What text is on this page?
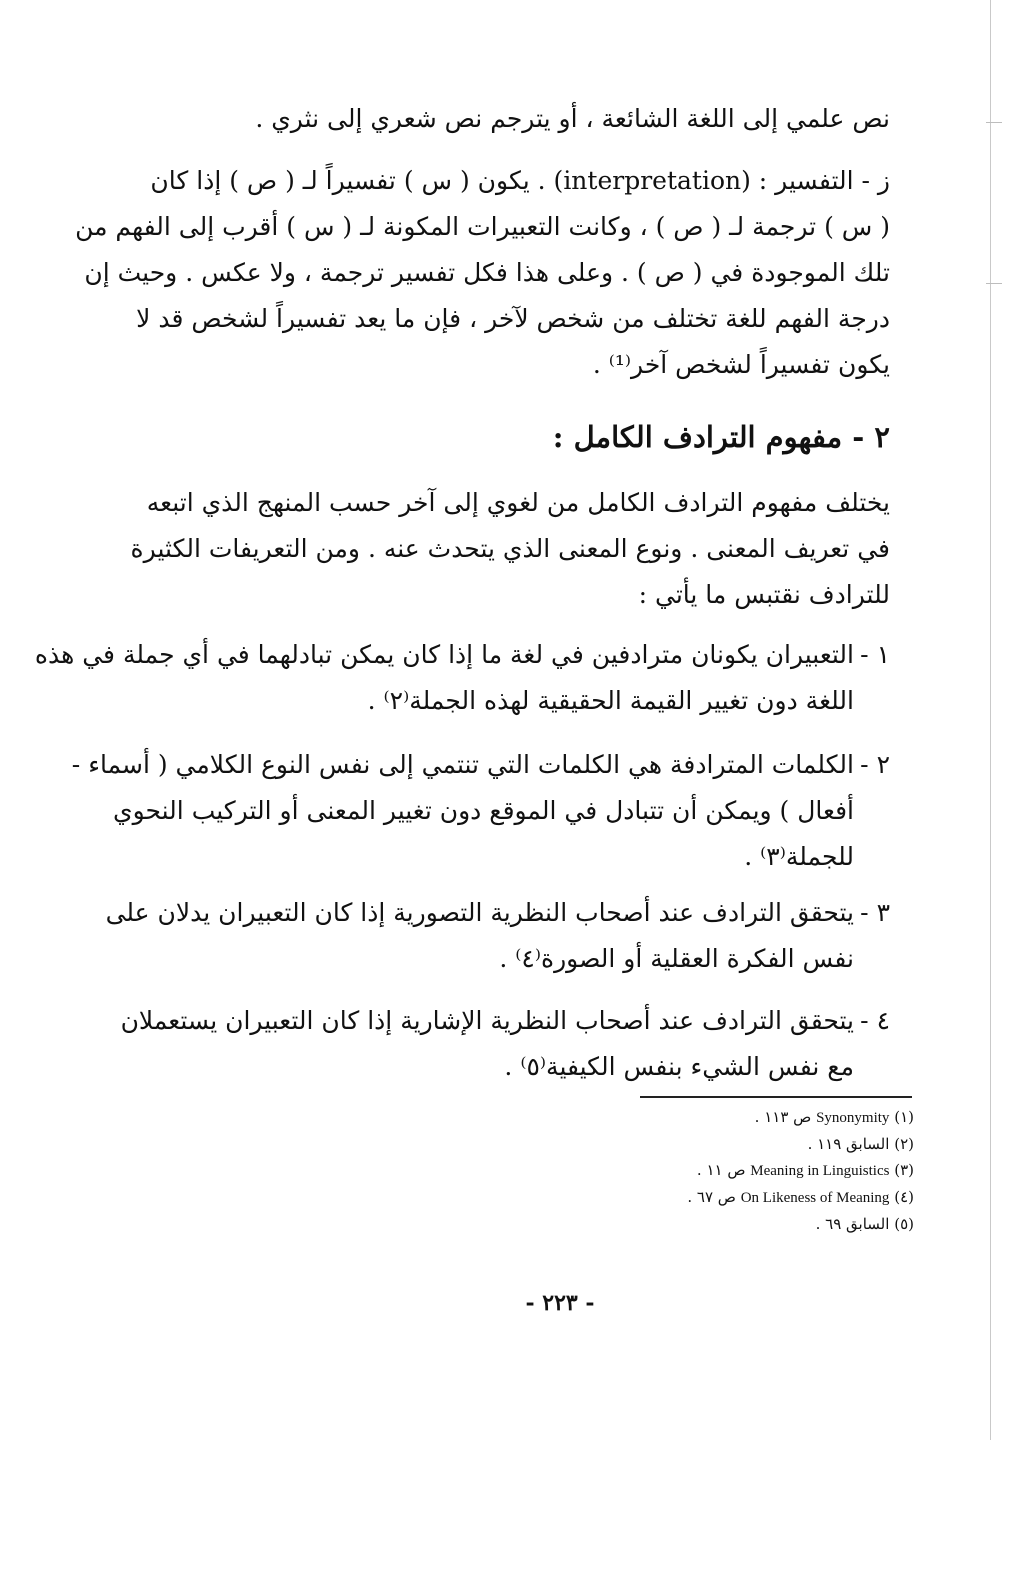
نص علمي إلى اللغة الشائعة ، أو يترجم نص شعري إلى نثري .
ز - التفسير : (interpretation) . يكون ( س ) تفسيراً لـ ( ص ) إذا كان
( س ) ترجمة لـ ( ص ) ، وكانت التعبيرات المكونة لـ ( س ) أقرب إلى الفهم من
تلك الموجودة في ( ص ) . وعلى هذا فكل تفسير ترجمة ، ولا عكس . وحيث إن
درجة الفهم للغة تختلف من شخص لآخر ، فإن ما يعد تفسيراً لشخص قد لا
يكون تفسيراً لشخص آخر⁽¹⁾ .
٢ - مفهوم الترادف الكامل :
يختلف مفهوم الترادف الكامل من لغوي إلى آخر حسب المنهج الذي اتبعه
في تعريف المعنى . ونوع المعنى الذي يتحدث عنه . ومن التعريفات الكثيرة
للترادف نقتبس ما يأتي :
١ -التعبيران يكونان مترادفين في لغة ما إذا كان يمكن تبادلهما في أي جملة في هذه
اللغة دون تغيير القيمة الحقيقية لهذه الجملة⁽٢⁾ .
٢ -الكلمات المترادفة هي الكلمات التي تنتمي إلى نفس النوع الكلامي ( أسماء -
أفعال ) ويمكن أن تتبادل في الموقع دون تغيير المعنى أو التركيب النحوي
للجملة⁽٣⁾ .
٣ -يتحقق الترادف عند أصحاب النظرية التصورية إذا كان التعبيران يدلان على
نفس الفكرة العقلية أو الصورة⁽٤⁾ .
٤ -يتحقق الترادف عند أصحاب النظرية الإشارية إذا كان التعبيران يستعملان
مع نفس الشيء بنفس الكيفية⁽٥⁾ .
(١) Synonymity ص ١١٣ .
(٢) السابق ١١٩ .
(٣) Meaning in Linguistics ص ١١ .
(٤) On Likeness of Meaning ص ٦٧ .
(٥) السابق ٦٩ .
- ٢٢٣ -
